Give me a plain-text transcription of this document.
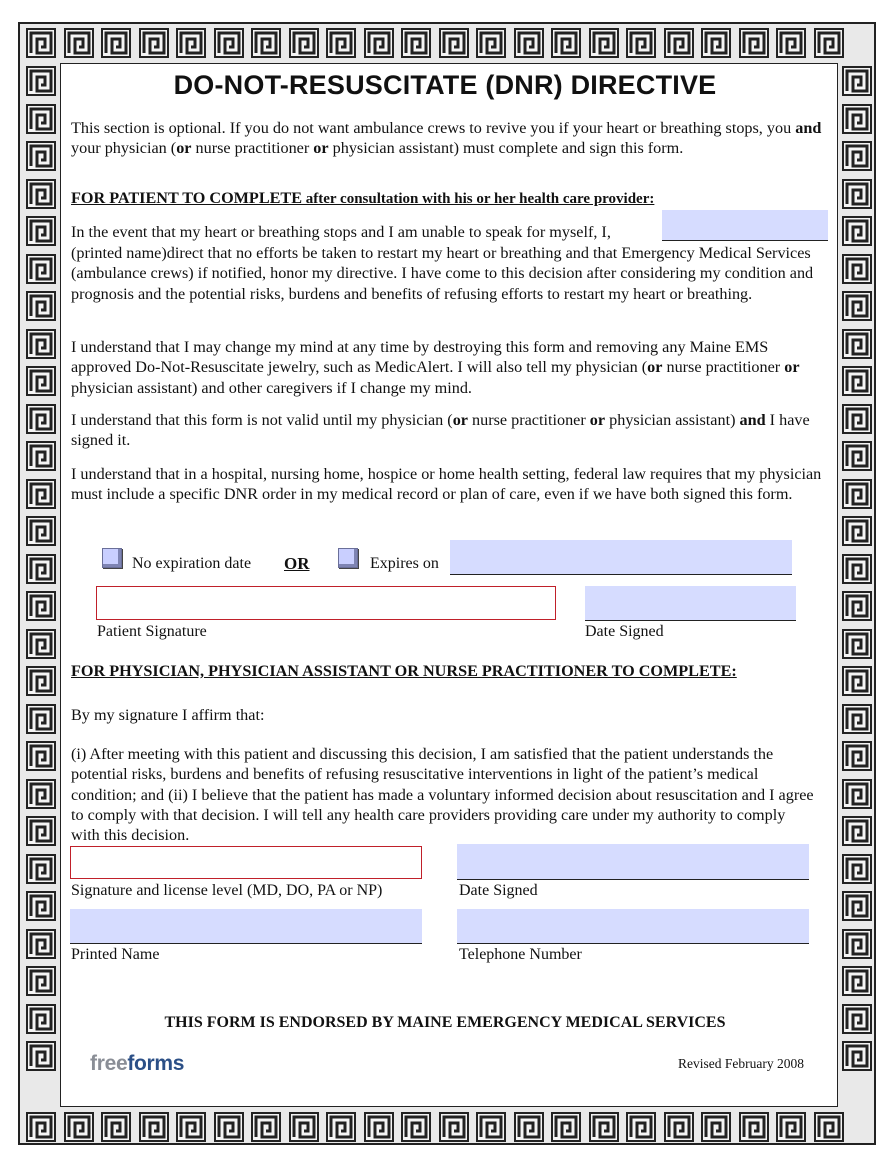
DO-NOT-RESUSCITATE (DNR) DIRECTIVE
This section is optional. If you do not want ambulance crews to revive you if your heart or breathing stops, you and your physician (or nurse practitioner or physician assistant) must complete and sign this form.
FOR PATIENT TO COMPLETE after consultation with his or her health care provider:
In the event that my heart or breathing stops and I am unable to speak for myself, I,
(printed name)direct that no efforts be taken to restart my heart or breathing and that Emergency Medical Services (ambulance crews) if notified, honor my directive. I have come to this decision after considering my condition and prognosis and the potential risks, burdens and benefits of refusing efforts to restart my heart or breathing.
I understand that I may change my mind at any time by destroying this form and removing any Maine EMS approved Do-Not-Resuscitate jewelry, such as MedicAlert. I will also tell my physician (or nurse practitioner or physician assistant) and other caregivers if I change my mind.
I understand that this form is not valid until my physician (or nurse practitioner or physician assistant) and I have signed it.
I understand that in a hospital, nursing home, hospice or home health setting, federal law requires that my physician must include a specific DNR order in my medical record or plan of care, even if we have both signed this form.
No expiration date OR	Expires on
Patient Signature	Date Signed
FOR PHYSICIAN, PHYSICIAN ASSISTANT OR NURSE PRACTITIONER TO COMPLETE:
By my signature I affirm that:
(i) After meeting with this patient and discussing this decision, I am satisfied that the patient understands the potential risks, burdens and benefits of refusing resuscitative interventions in light of the patient’s medical condition; and (ii) I believe that the patient has made a voluntary informed decision about resuscitation and I agree to comply with that decision. I will tell any health care providers providing care under my authority to comply with this decision.
Signature and license level (MD, DO, PA or NP)	Date Signed
Printed Name	Telephone Number
THIS FORM IS ENDORSED BY MAINE EMERGENCY MEDICAL SERVICES
freeforms	Revised February 2008
